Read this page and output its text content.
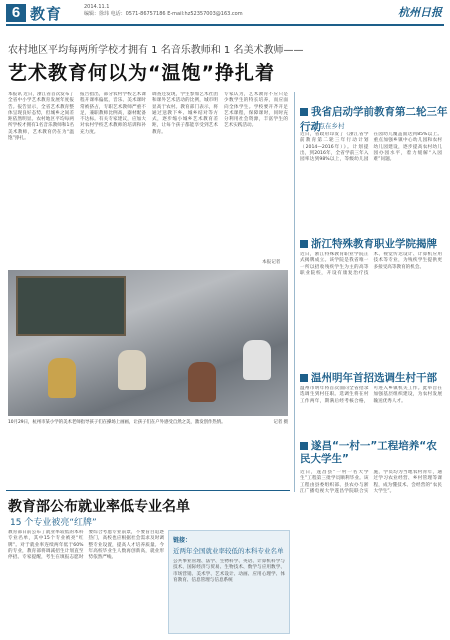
6 教育	2014.11.1
编辑：徐玮 电话：0571-86757186 E-mail:hz52357003@163.com	杭州日报
农村地区平均每两所学校才拥有 1 名音乐教师和 1 名美术教师——
艺术教育何以为“温饱”挣扎着
本报讯 近日，浙江省首次发布了全省中小学艺术教育发展年度报告。报告显示，全省艺术教育整体呈现良好态势，但城乡之间差距依然明显。农村地区平均每两所学校才拥有1名音乐教师和1名美术教师，艺术教育仍在为“温饱”挣扎。
报告指出，部分农村学校艺术课程开课率偏低，音乐、美术课时常被挤占，专职艺术教师严重不足，兼职教师比例高，器材配备不达标。有关专家建议，应加大对农村学校艺术教师的培训和补充力度。
调查还发现，学生参加艺术社团和课外艺术活动的比例，城市明显高于农村。教育部门表示，将通过送教下乡、城乡结对等方式，逐步缩小城乡艺术教育差距，让每个孩子都能享受到艺术教育。
专家认为，艺术教育不应只是少数学生的特长培养，而应面向全体学生。学校要开齐开足艺术课程，保障课时，同时充分利用社会资源，丰富学生的艺术实践活动。
本报记者
10月29日，杭州市某小学的美术老师指导孩子们在操场上画画，让孩子们在户外感受自然之美，激发创作热情。	记者 摄
我省启动学前教育第二轮三年行动
重点在乡村
近日，省政府印发了《浙江省学前教育第二轮三年行动计划（2014—2016年）》。计划提出，到2016年，全省学前三年入园率达到98%以上，等级幼儿园在园幼儿覆盖面达到85%以上。重点加强乡镇中心幼儿园和农村幼儿园建设，逐步提高农村幼儿园办园水平，着力缓解“入园难”问题。
浙江特殊教育职业学院揭牌
近日，浙江特殊教育职业学院正式揭牌成立。该学院是我省唯一一所以招收残疾学生为主的高等职业院校，开设有康复治疗技术、视觉传达设计、计算机应用技术等专业，为残疾学生提供更多接受高等教育的机会。
温州明年首招选调生村干部
温州市明年将首次面向全省招录选调生到村任职。选调生将在村工作两年，期满后经考核合格，可进入乡镇机关工作。此举旨在加强基层组织建设，为农村发展输送优秀人才。
遂昌“一村一”工程培养“农民大学生”
近日，遂昌县“一村一名大学生”工程第三批学员顺利毕业。该工程由县委组织部、县农办与浙江广播电视大学遂昌学院联合实施，学员均为当地农村青年，通过学习农业经营、乡村管理等课程，成为懂技术、会经营的“农民大学生”。
教育部公布就业率低专业名单
15 个专业被亮“红牌”
教育部日前公布了就业率较低的本科专业名单，其中15个专业被亮“红牌”。对于就业率连续两年低于60%的专业，教育部将调减招生计划直至停招。专家提醒，考生在填报志愿时要综合考虑专业前景，不要盲目追逐热门，高校也应根据社会需求及时调整专业设置，提高人才培养质量。今年高校毕业生人数再创新高，就业形势依然严峻。
链接：
近两年全国就业率较低的本科专业名单
公共事业管理、法学、生物科学、英语、计算机科学与技术、国际经济与贸易、生物技术、数学与应用数学、市场营销、美术学、艺术设计、动画、应用心理学、体育教育、信息管理与信息系统
